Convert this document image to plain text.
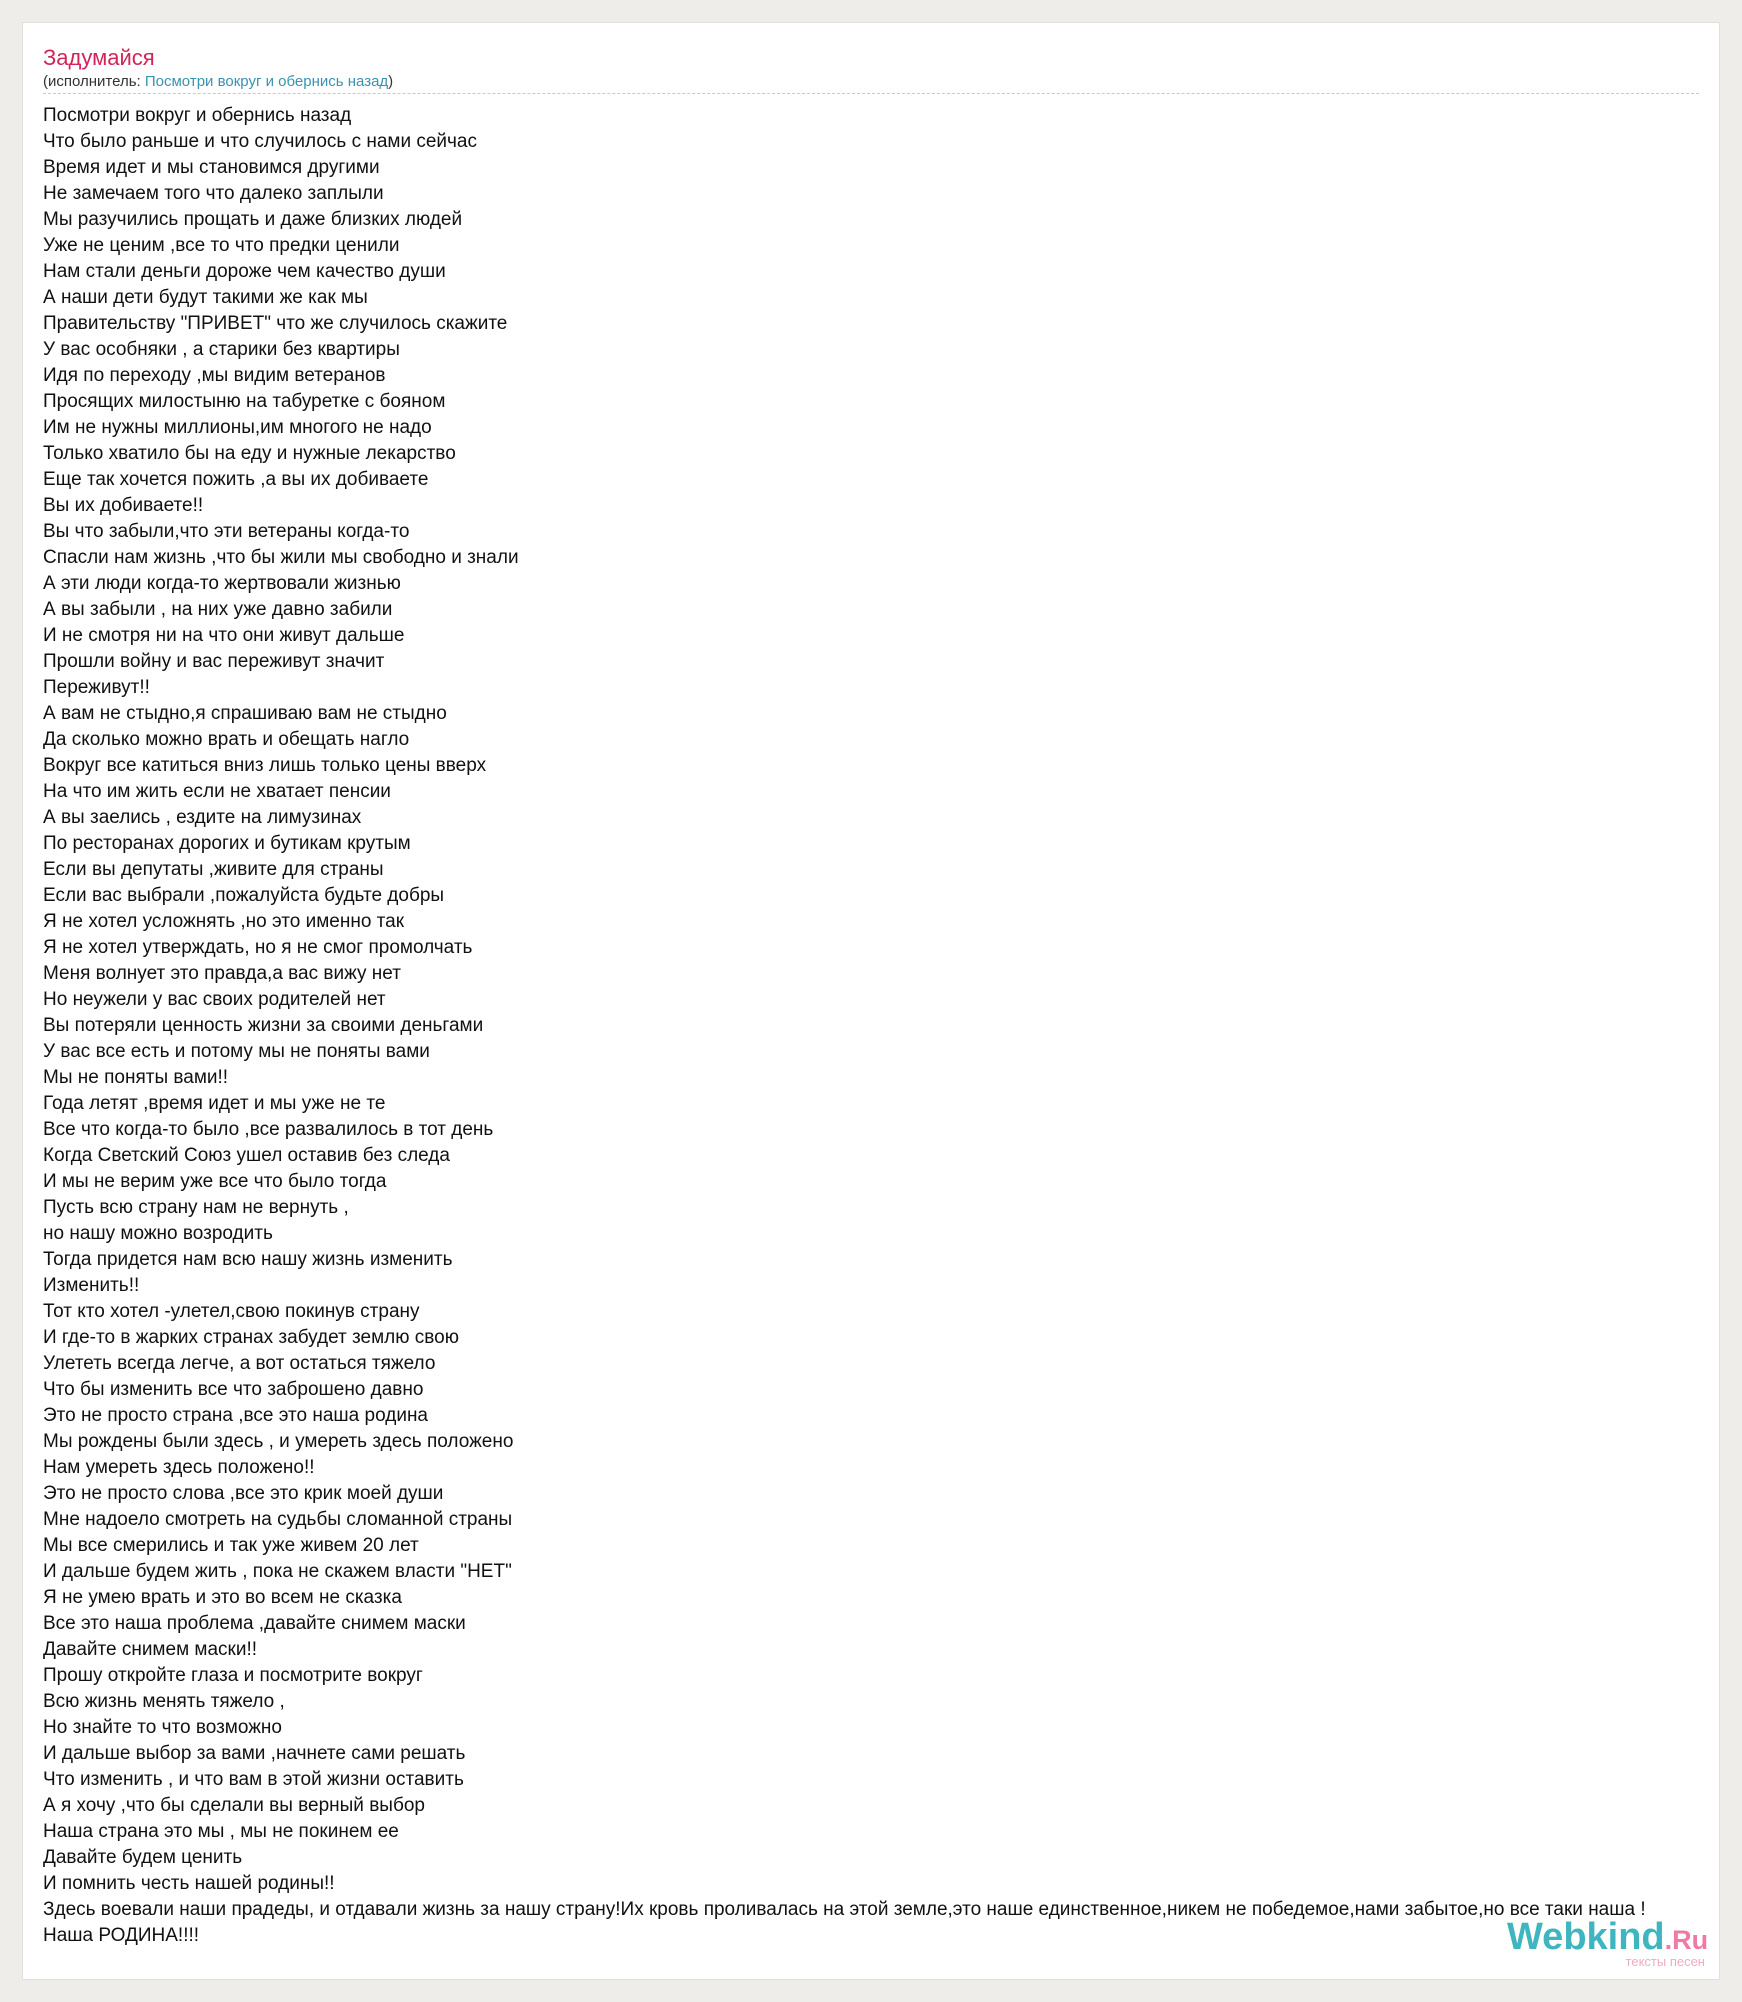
Задумайся
(исполнитель: Посмотри вокруг и обернись назад)
Посмотри вокруг и обернись назад
Что было раньше и что случилось с нами сейчас
Время идет и мы становимся другими
Не замечаем того что далеко заплыли
Мы разучились прощать и даже близких людей
Уже не ценим ,все то что предки ценили
Нам стали деньги дороже чем качество души
А наши дети будут такими же как мы
Правительству "ПРИВЕТ" что же случилось скажите
У вас особняки , а старики без квартиры
Идя по переходу ,мы видим ветеранов
Просящих милостыню на табуретке с бояном
Им не нужны миллионы,им многого не надо
Только хватило бы на еду и нужные лекарство
Еще так хочется пожить ,а вы их добиваете
Вы их добиваете!!
Вы что забыли,что эти ветераны когда-то
Спасли нам жизнь ,что бы жили мы свободно и знали
А эти люди когда-то жертвовали жизнью
А вы забыли , на них уже давно забили
И не смотря ни на что они живут дальше
Прошли войну и вас переживут значит
Переживут!!
А вам не стыдно,я спрашиваю вам не стыдно
Да сколько можно врать и обещать нагло
Вокруг все катиться вниз лишь только цены вверх
На что им жить если не хватает пенсии
А вы заелись , ездите на лимузинах
По ресторанах дорогих и бутикам крутым
Если вы депутаты ,живите для страны
Если вас выбрали ,пожалуйста будьте добры
Я не хотел усложнять ,но это именно так
Я не хотел утверждать, но я не смог промолчать
Меня волнует это правда,а вас вижу нет
Но неужели у вас своих родителей нет
Вы потеряли ценность жизни за своими деньгами
У вас все есть и потому мы не поняты вами
Мы не поняты вами!!
Года летят ,время идет и мы уже не те
Все что когда-то было ,все развалилось в тот день
Когда Светский Союз ушел оставив без следа
И мы не верим уже все что было тогда
Пусть всю страну нам не вернуть ,
но нашу можно возродить
Тогда придется нам всю нашу жизнь изменить
Изменить!!
Тот кто хотел -улетел,свою покинув страну
И где-то в жарких странах забудет землю свою
Улететь всегда легче, а вот остаться тяжело
Что бы изменить все что заброшено давно
Это не просто страна ,все это наша родина
Мы рождены были здесь , и умереть здесь положено
Нам умереть здесь положено!!
Это не просто слова ,все это крик моей души
Мне надоело смотреть на судьбы сломанной страны
Мы все смерились и так уже живем 20 лет
И дальше будем жить , пока не скажем власти "НЕТ"
Я не умею врать и это во всем не сказка
Все это наша проблема ,давайте снимем маски
Давайте снимем маски!!
Прошу откройте глаза и посмотрите вокруг
Всю жизнь менять тяжело ,
Но знайте то что возможно
И дальше выбор за вами ,начнете сами решать
Что изменить , и что вам в этой жизни оставить
А я хочу ,что бы сделали вы верный выбор
Наша страна это мы , мы не покинем ее
Давайте будем ценить
И помнить честь нашей родины!!
Здесь воевали наши прадеды, и отдавали жизнь за нашу страну!Их кровь проливалась на этой земле,это наше единственное,никем не победемое,нами забытое,но все таки наша !
Наша РОДИНА!!!!	Webkind.Ru
тексты песен
